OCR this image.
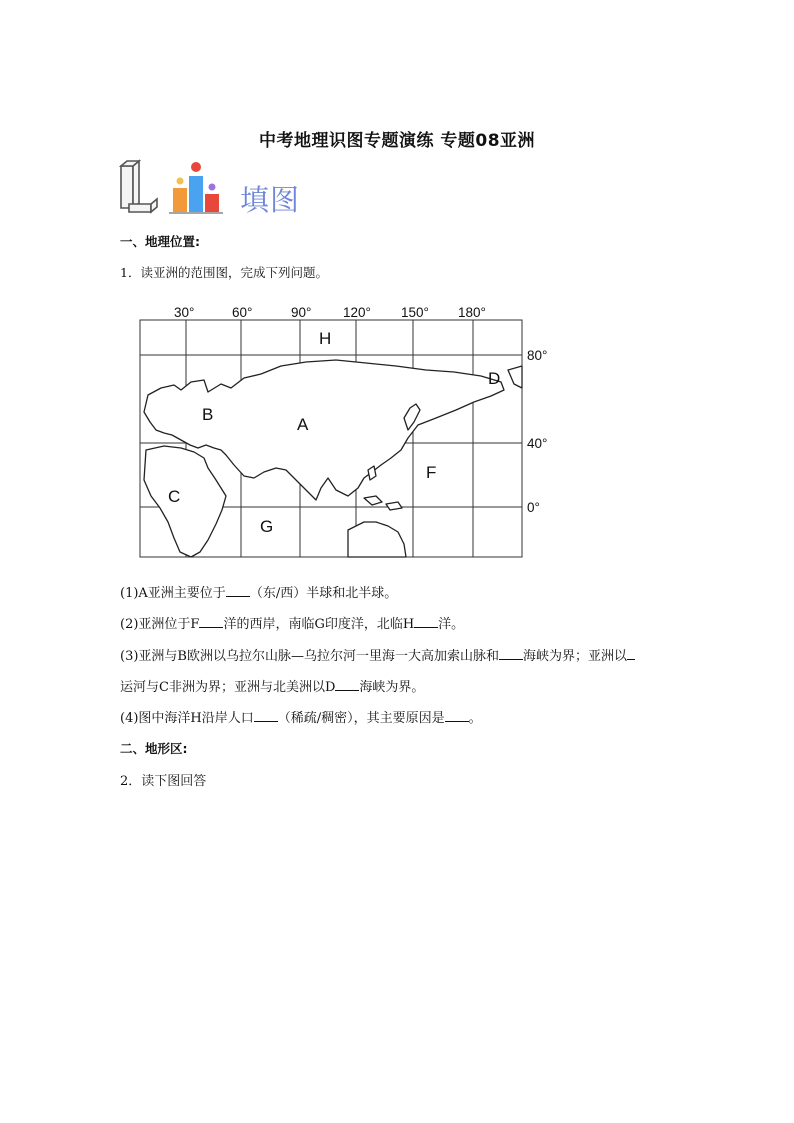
中考地理识图专题演练 专题08亚洲
填图
一、地理位置:
1．读亚洲的范围图，完成下列问题。
30°	60°	90° 120° 150° 180°
80°
40°
0°
H
D
B
A
F
C
G
(1)A亚洲主要位于 （东/西）半球和北半球。
(2)亚洲位于F 洋的西岸，南临G印度洋，北临H 洋。
(3)亚洲与B欧洲以乌拉尔山脉—乌拉尔河一里海一大高加索山脉和 海峡为界；亚洲以
运河与C非洲为界；亚洲与北美洲以D 海峡为界。
(4)图中海洋H沿岸人口 （稀疏/稠密），其主要原因是 。
二、地形区:
2．读下图回答
